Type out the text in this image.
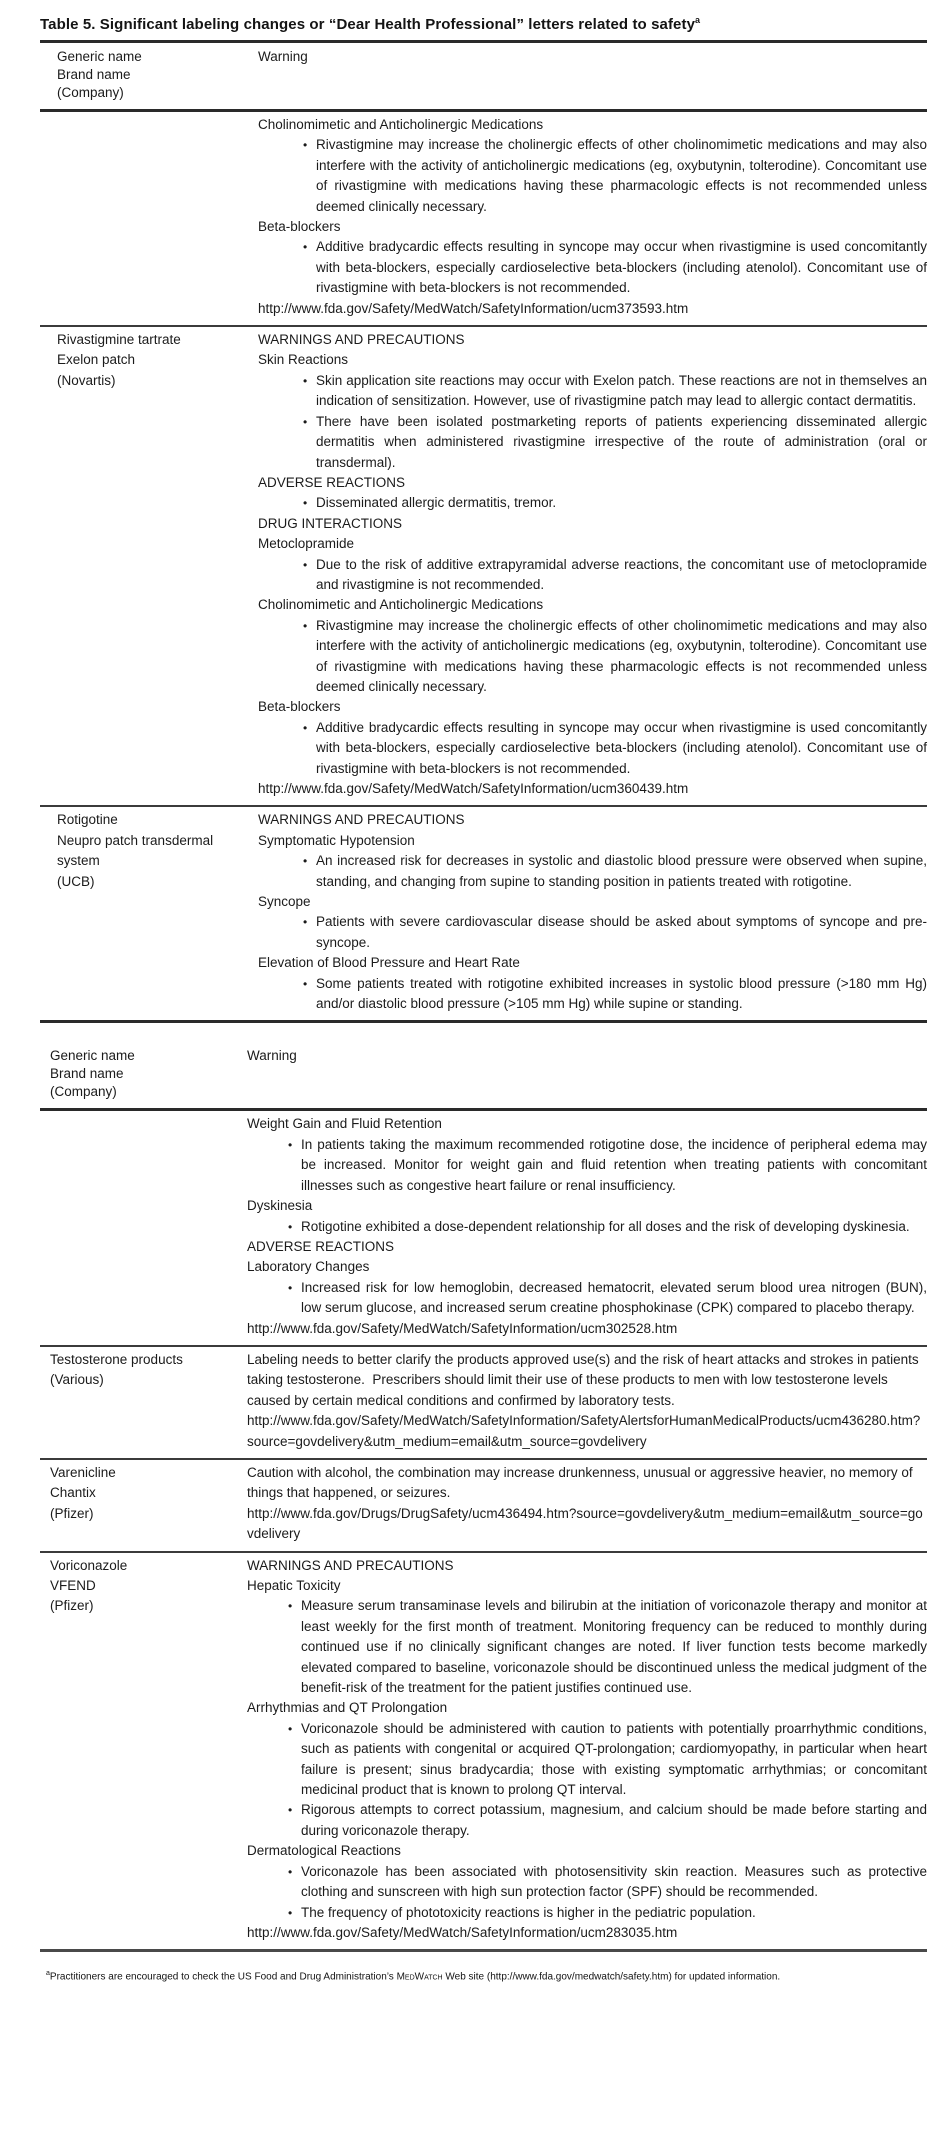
Table 5. Significant labeling changes or “Dear Health Professional” letters related to safety$^a$
Generic name
Brand name
(Company)
Warning
Cholinomimetic and Anticholinergic Medications
• Rivastigmine may increase the cholinergic effects of other cholinomimetic medications and may also interfere with the activity of anticholinergic medications (eg, oxybutynin, tolterodine). Concomitant use of rivastigmine with medications having these pharmacologic effects is not recommended unless deemed clinically necessary.
Beta-blockers
• Additive bradycardic effects resulting in syncope may occur when rivastigmine is used concomitantly with beta-blockers, especially cardioselective beta-blockers (including atenolol). Concomitant use of rivastigmine with beta-blockers is not recommended.
http://www.fda.gov/Safety/MedWatch/SafetyInformation/ucm373593.htm
Rivastigmine tartrate
Exelon patch
(Novartis)
WARNINGS AND PRECAUTIONS
Skin Reactions
• Skin application site reactions may occur with Exelon patch. These reactions are not in themselves an indication of sensitization. However, use of rivastigmine patch may lead to allergic contact dermatitis.
• There have been isolated postmarketing reports of patients experiencing disseminated allergic dermatitis when administered rivastigmine irrespective of the route of administration (oral or transdermal).
ADVERSE REACTIONS
• Disseminated allergic dermatitis, tremor.
DRUG INTERACTIONS
Metoclopramide
• Due to the risk of additive extrapyramidal adverse reactions, the concomitant use of metoclopramide and rivastigmine is not recommended.
Cholinomimetic and Anticholinergic Medications
• Rivastigmine may increase the cholinergic effects of other cholinomimetic medications and may also interfere with the activity of anticholinergic medications (eg, oxybutynin, tolterodine). Concomitant use of rivastigmine with medications having these pharmacologic effects is not recommended unless deemed clinically necessary.
Beta-blockers
• Additive bradycardic effects resulting in syncope may occur when rivastigmine is used concomitantly with beta-blockers, especially cardioselective beta-blockers (including atenolol). Concomitant use of rivastigmine with beta-blockers is not recommended.
http://www.fda.gov/Safety/MedWatch/SafetyInformation/ucm360439.htm
Rotigotine
Neupro patch transdermal system
(UCB)
WARNINGS AND PRECAUTIONS
Symptomatic Hypotension
• An increased risk for decreases in systolic and diastolic blood pressure were observed when supine, standing, and changing from supine to standing position in patients treated with rotigotine.
Syncope
• Patients with severe cardiovascular disease should be asked about symptoms of syncope and pre-syncope.
Elevation of Blood Pressure and Heart Rate
• Some patients treated with rotigotine exhibited increases in systolic blood pressure (>180 mm Hg) and/or diastolic blood pressure (>105 mm Hg) while supine or standing.
Generic name
Brand name
(Company)
Warning
Weight Gain and Fluid Retention
• In patients taking the maximum recommended rotigotine dose, the incidence of peripheral edema may be increased. Monitor for weight gain and fluid retention when treating patients with concomitant illnesses such as congestive heart failure or renal insufficiency.
Dyskinesia
• Rotigotine exhibited a dose-dependent relationship for all doses and the risk of developing dyskinesia.
ADVERSE REACTIONS
Laboratory Changes
• Increased risk for low hemoglobin, decreased hematocrit, elevated serum blood urea nitrogen (BUN), low serum glucose, and increased serum creatine phosphokinase (CPK) compared to placebo therapy.
http://www.fda.gov/Safety/MedWatch/SafetyInformation/ucm302528.htm
Testosterone products
(Various)
Labeling needs to better clarify the products approved use(s) and the risk of heart attacks and strokes in patients taking testosterone.  Prescribers should limit their use of these products to men with low testosterone levels caused by certain medical conditions and confirmed by laboratory tests.
http://www.fda.gov/Safety/MedWatch/SafetyInformation/SafetyAlertsforHumanMedicalProducts/ucm436280.htm?source=govdelivery&utm_medium=email&utm_source=govdelivery
Varenicline
Chantix
(Pfizer)
Caution with alcohol, the combination may increase drunkenness, unusual or aggressive heavier, no memory of things that happened, or seizures.
http://www.fda.gov/Drugs/DrugSafety/ucm436494.htm?source=govdelivery&utm_medium=email&utm_source=govdelivery
Voriconazole
VFEND
(Pfizer)
WARNINGS AND PRECAUTIONS
Hepatic Toxicity
• Measure serum transaminase levels and bilirubin at the initiation of voriconazole therapy and monitor at least weekly for the first month of treatment. Monitoring frequency can be reduced to monthly during continued use if no clinically significant changes are noted. If liver function tests become markedly elevated compared to baseline, voriconazole should be discontinued unless the medical judgment of the benefit-risk of the treatment for the patient justifies continued use.
Arrhythmias and QT Prolongation
• Voriconazole should be administered with caution to patients with potentially proarrhythmic conditions, such as patients with congenital or acquired QT-prolongation; cardiomyopathy, in particular when heart failure is present; sinus bradycardia; those with existing symptomatic arrhythmias; or concomitant medicinal product that is known to prolong QT interval.
• Rigorous attempts to correct potassium, magnesium, and calcium should be made before starting and during voriconazole therapy.
Dermatological Reactions
• Voriconazole has been associated with photosensitivity skin reaction. Measures such as protective clothing and sunscreen with high sun protection factor (SPF) should be recommended.
• The frequency of phototoxicity reactions is higher in the pediatric population.
http://www.fda.gov/Safety/MedWatch/SafetyInformation/ucm283035.htm
$^a$Practitioners are encouraged to check the US Food and Drug Administration’s MedWatch Web site (http://www.fda.gov/medwatch/safety.htm) for updated information.
